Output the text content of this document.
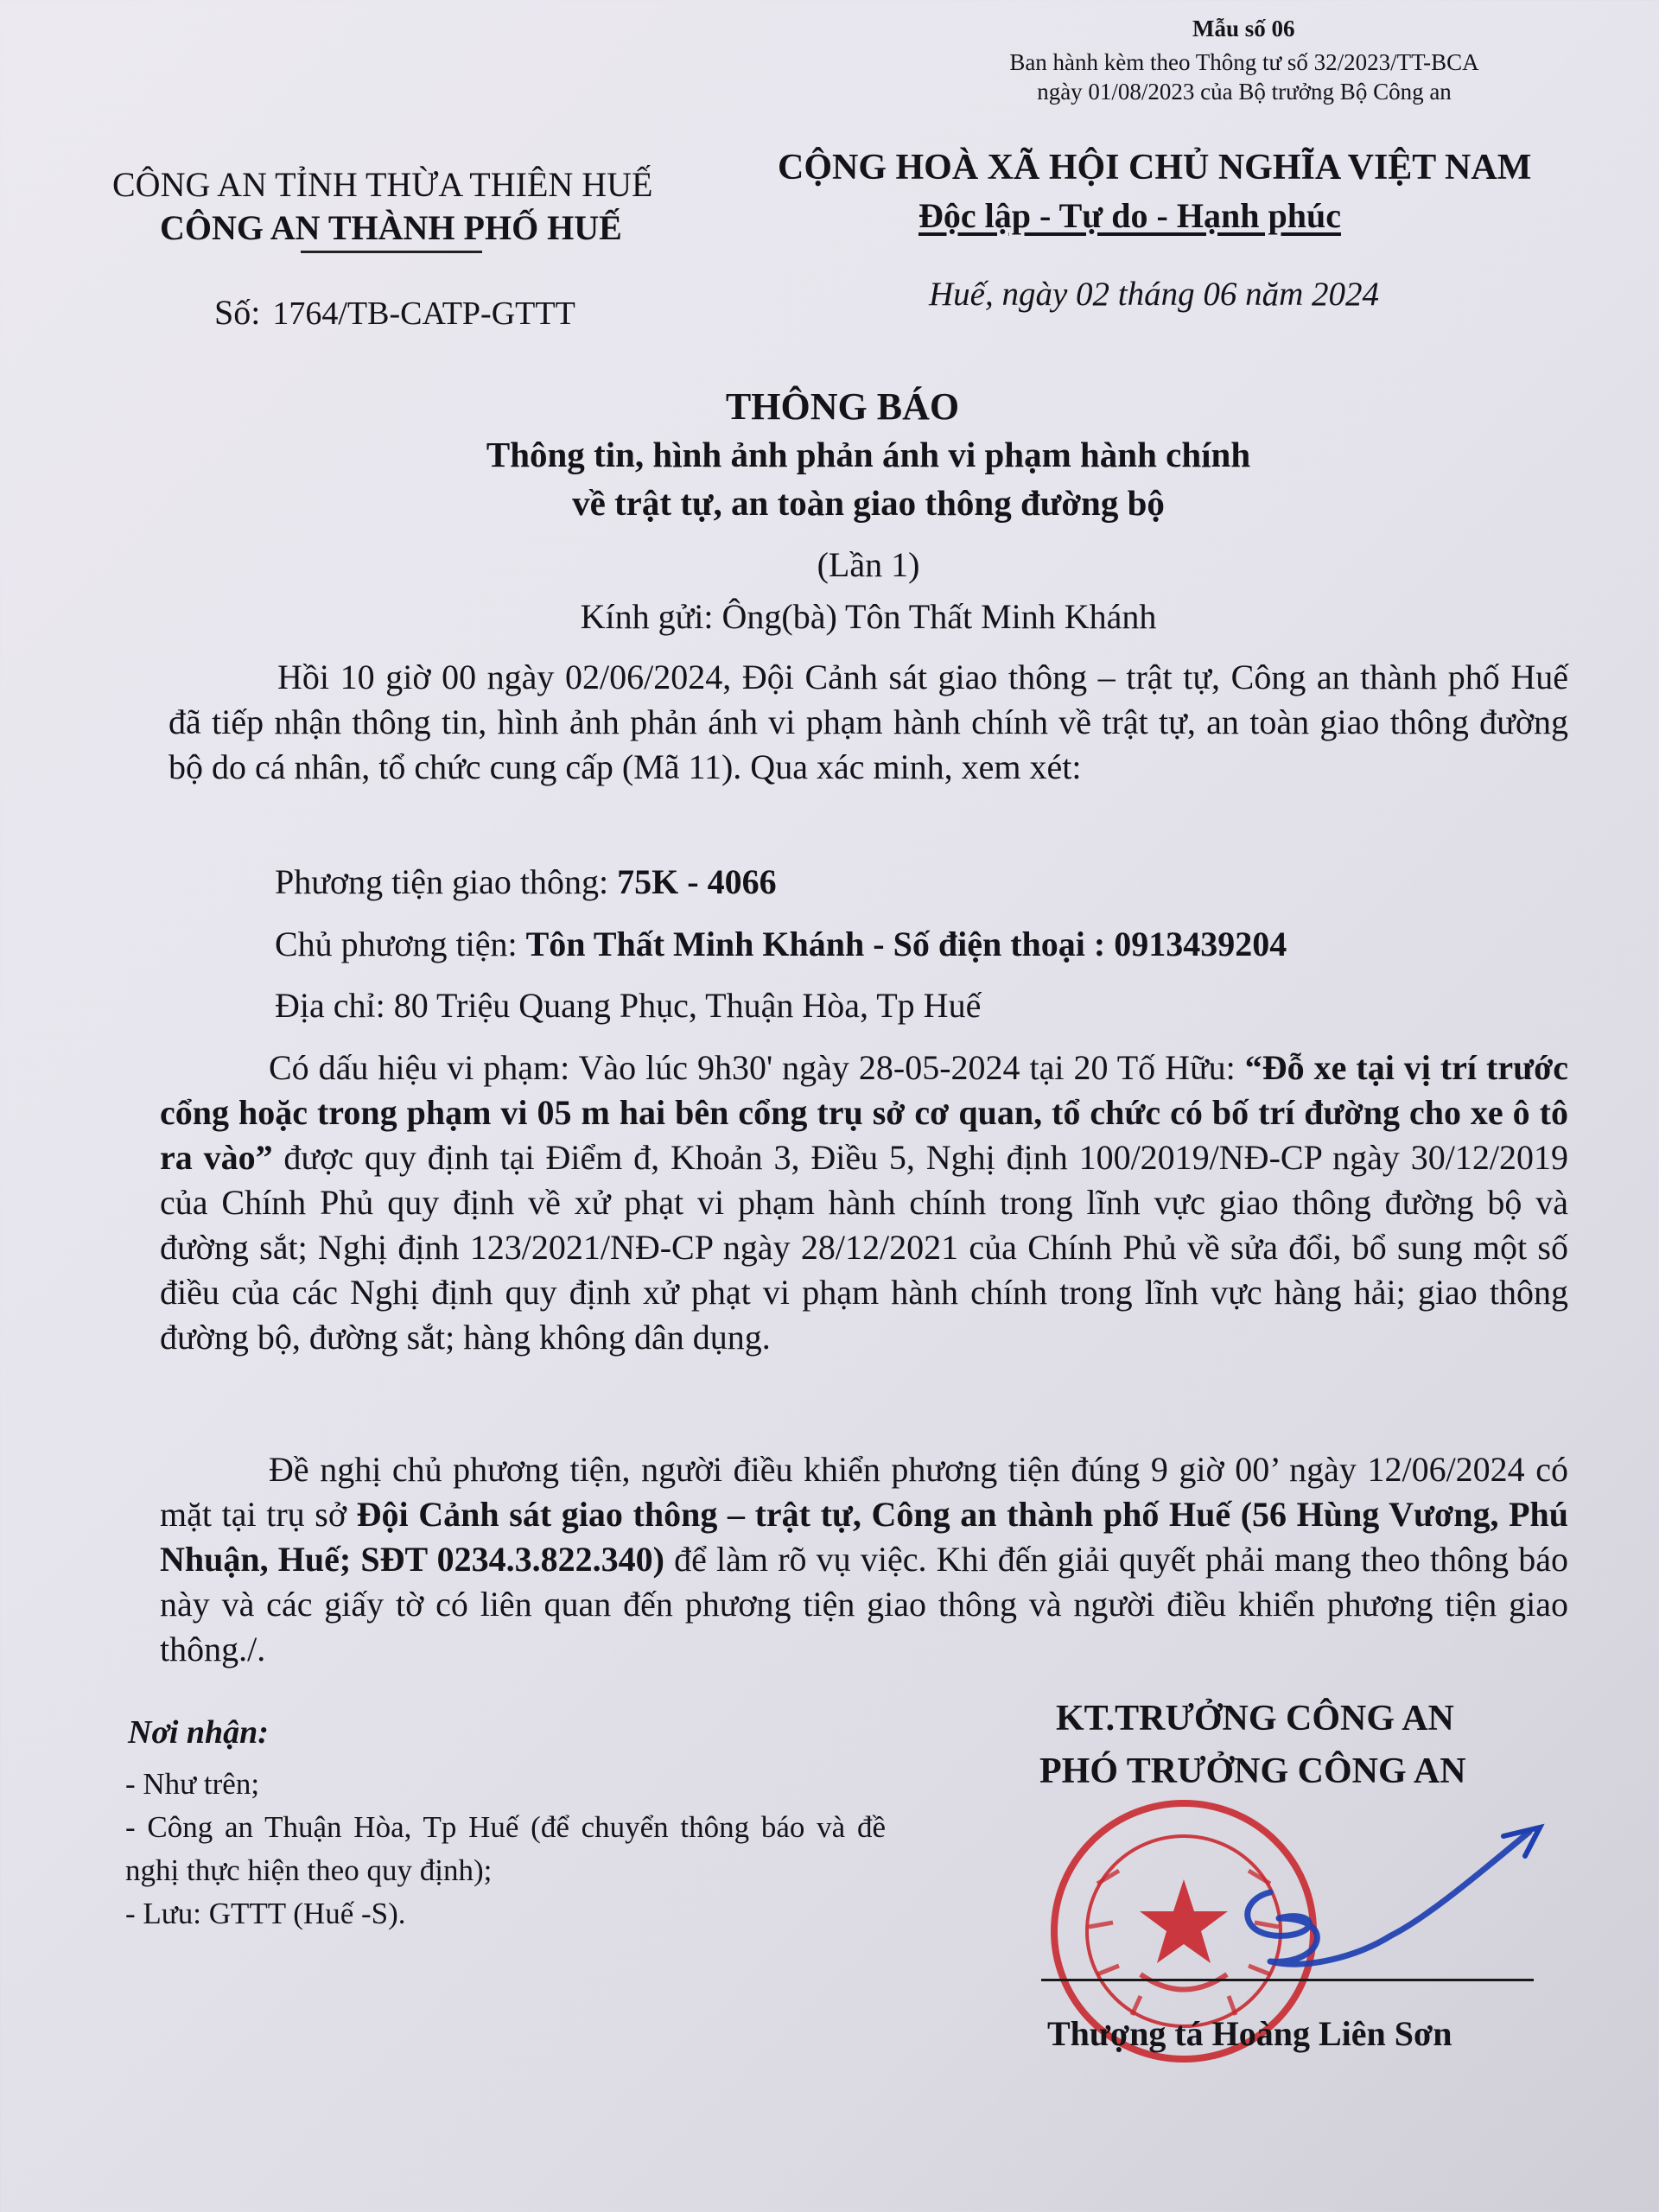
Mẫu số 06
Ban hành kèm theo Thông tư số 32/2023/TT-BCA ngày 01/08/2023 của Bộ trưởng Bộ Công an
CÔNG AN TỈNH THỪA THIÊN HUẾ
CÔNG AN THÀNH PHỐ HUẾ
CỘNG HOÀ XÃ HỘI CHỦ NGHĨA VIỆT NAM
Độc lập - Tự do - Hạnh phúc
Số: 1764/TB-CATP-GTTT
Huế, ngày 02 tháng 06 năm 2024
THÔNG BÁO
Thông tin, hình ảnh phản ánh vi phạm hành chính
về trật tự, an toàn giao thông đường bộ
(Lần 1)
Kính gửi: Ông(bà) Tôn Thất Minh Khánh
Hồi 10 giờ 00 ngày 02/06/2024, Đội Cảnh sát giao thông – trật tự, Công an thành phố Huế đã tiếp nhận thông tin, hình ảnh phản ánh vi phạm hành chính về trật tự, an toàn giao thông đường bộ do cá nhân, tổ chức cung cấp (Mã 11). Qua xác minh, xem xét:
Phương tiện giao thông: 75K - 4066
Chủ phương tiện: Tôn Thất Minh Khánh - Số điện thoại : 0913439204
Địa chỉ: 80 Triệu Quang Phục, Thuận Hòa, Tp Huế
Có dấu hiệu vi phạm: Vào lúc 9h30' ngày 28-05-2024 tại 20 Tố Hữu: “Đỗ xe tại vị trí trước cổng hoặc trong phạm vi 05 m hai bên cổng trụ sở cơ quan, tổ chức có bố trí đường cho xe ô tô ra vào” được quy định tại Điểm đ, Khoản 3, Điều 5, Nghị định 100/2019/NĐ-CP ngày 30/12/2019 của Chính Phủ quy định về xử phạt vi phạm hành chính trong lĩnh vực giao thông đường bộ và đường sắt; Nghị định 123/2021/NĐ-CP ngày 28/12/2021 của Chính Phủ về sửa đổi, bổ sung một số điều của các Nghị định quy định xử phạt vi phạm hành chính trong lĩnh vực hàng hải; giao thông đường bộ, đường sắt; hàng không dân dụng.
Đề nghị chủ phương tiện, người điều khiển phương tiện đúng 9 giờ 00’ ngày 12/06/2024 có mặt tại trụ sở Đội Cảnh sát giao thông – trật tự, Công an thành phố Huế (56 Hùng Vương, Phú Nhuận, Huế; SĐT 0234.3.822.340) để làm rõ vụ việc. Khi đến giải quyết phải mang theo thông báo này và các giấy tờ có liên quan đến phương tiện giao thông và người điều khiển phương tiện giao thông./.
Nơi nhận:
- Như trên;
- Công an Thuận Hòa, Tp Huế (để chuyển thông báo và đề nghị thực hiện theo quy định);
- Lưu: GTTT (Huế -S).
KT.TRƯỞNG CÔNG AN
PHÓ TRƯỞNG CÔNG AN
Thượng tá Hoàng Liên Sơn
